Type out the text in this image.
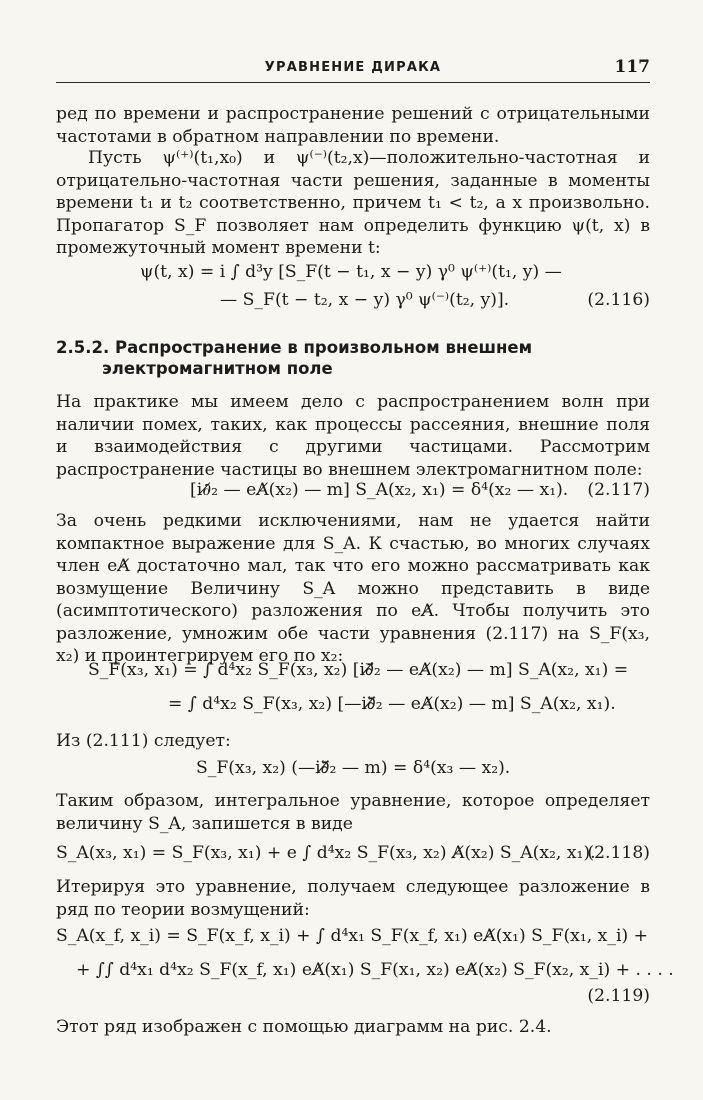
УРАВНЕНИЕ ДИРАКА	117

ред по времени и распространение решений с отрицательными частотами в обратном направлении по времени.

Пусть ψ⁽⁺⁾(t₁,x₀) и ψ⁽⁻⁾(t₂,x)—положительно-частотная и отрицательно-частотная части решения, заданные в моменты времени t₁ и t₂ соответственно, причем t₁ < t₂, а x произвольно. Пропагатор S_F позволяет нам определить функцию ψ(t, x) в промежуточный момент времени t:

ψ(t, x) = i ∫ d³y [S_F(t − t₁, x − y) γ⁰ ψ⁽⁺⁾(t₁, y) —
— S_F(t − t₂, x − y) γ⁰ ψ⁽⁻⁾(t₂, y)].	(2.116)
2.5.2. Распространение в произвольном внешнем
электромагнитном поле

На практике мы имеем дело с распространением волн при наличии помех, таких, как процессы рассеяния, внешние поля и взаимодействия с другими частицами. Рассмотрим распространение частицы во внешнем электромагнитном поле:

[i∂̸₂ — eA̸(x₂) — m] S_A(x₂, x₁) = δ⁴(x₂ — x₁). (2.117)

За очень редкими исключениями, нам не удается найти компактное выражение для S_A. К счастью, во многих случаях член eA̸ достаточно мал, так что его можно рассматривать как возмущение Величину S_A можно представить в виде (асимптотического) разложения по eA̸. Чтобы получить это разложение, умножим обе части уравнения (2.117) на S_F(x₃, x₂) и проинтегрируем его по x₂:

S_F(x₃, x₁) = ∫ d⁴x₂ S_F(x₃, x₂) [i∂̸⃗₂ — eA̸(x₂) — m] S_A(x₂, x₁) =
= ∫ d⁴x₂ S_F(x₃, x₂) [—i∂̸⃖₂ — eA̸(x₂) — m] S_A(x₂, x₁).

Из (2.111) следует:

S_F(x₃, x₂) (—i∂̸⃖₂ — m) = δ⁴(x₃ — x₂).

Таким образом, интегральное уравнение, которое определяет величину S_A, запишется в виде

S_A(x₃, x₁) = S_F(x₃, x₁) + e ∫ d⁴x₂ S_F(x₃, x₂) A̸(x₂) S_A(x₂, x₁).
(2.118)

Итерируя это уравнение, получаем следующее разложение в ряд по теории возмущений:

S_A(x_f, x_i) = S_F(x_f, x_i) + ∫ d⁴x₁ S_F(x_f, x₁) eA̸(x₁) S_F(x₁, x_i) +
+ ∫∫ d⁴x₁ d⁴x₂ S_F(x_f, x₁) eA̸(x₁) S_F(x₁, x₂) eA̸(x₂) S_F(x₂, x_i) + . . . .
(2.119)

Этот ряд изображен с помощью диаграмм на рис. 2.4.
